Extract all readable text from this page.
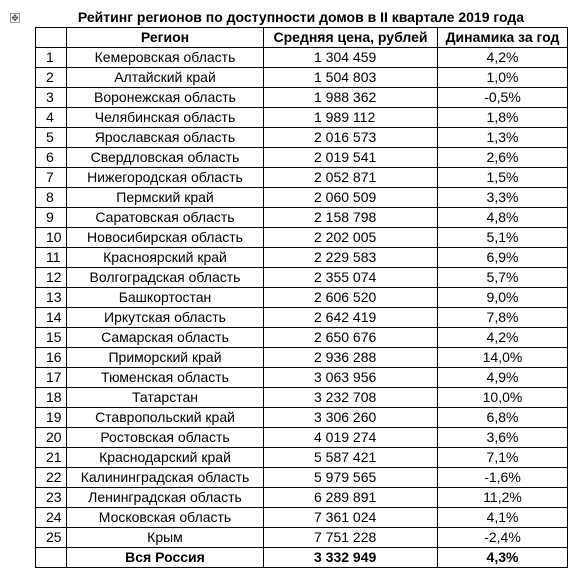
✥	Рейтинг регионов по доступности домов в II квартале 2019 года
	Регион	Средняя цена, рублей	Динамика за год
1	Кемеровская область	1 304 459	4,2%
2	Алтайский край	1 504 803	1,0%
3	Воронежская область	1 988 362	-0,5%
4	Челябинская область	1 989 112	1,8%
5	Ярославская область	2 016 573	1,3%
6	Свердловская область	2 019 541	2,6%
7	Нижегородская область	2 052 871	1,5%
8	Пермский край	2 060 509	3,3%
9	Саратовская область	2 158 798	4,8%
10	Новосибирская область	2 202 005	5,1%
11	Красноярский край	2 229 583	6,9%
12	Волгоградская область	2 355 074	5,7%
13	Башкортостан	2 606 520	9,0%
14	Иркутская область	2 642 419	7,8%
15	Самарская область	2 650 676	4,2%
16	Приморский край	2 936 288	14,0%
17	Тюменская область	3 063 956	4,9%
18	Татарстан	3 232 708	10,0%
19	Ставропольский край	3 306 260	6,8%
20	Ростовская область	4 019 274	3,6%
21	Краснодарский край	5 587 421	7,1%
22	Калининградская область	5 979 565	-1,6%
23	Ленинградская область	6 289 891	11,2%
24	Московская область	7 361 024	4,1%
25	Крым	7 751 228	-2,4%
	Вся Россия	3 332 949	4,3%
